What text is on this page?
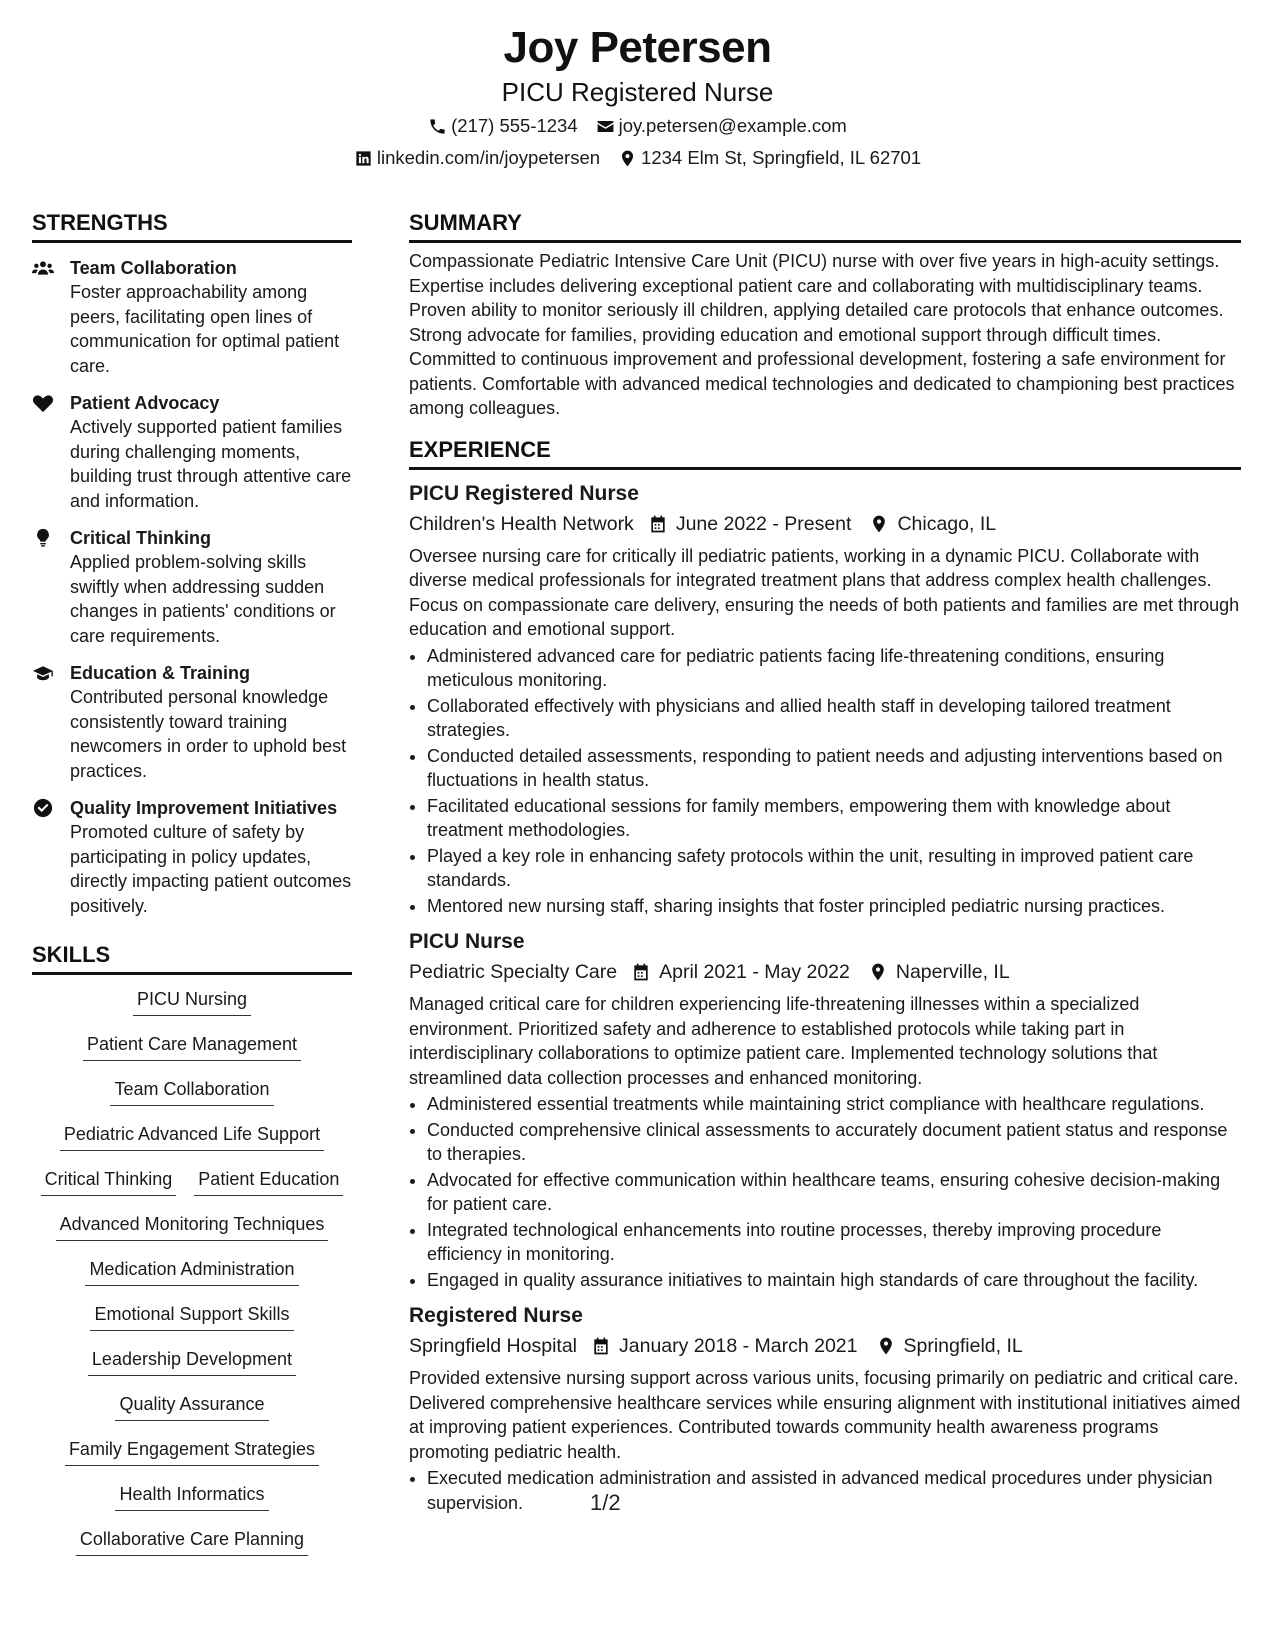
Joy Petersen
PICU Registered Nurse
(217) 555-1234 joy.petersen@example.com
linkedin.com/in/joypetersen 1234 Elm St, Springfield, IL 62701
STRENGTHS
Team Collaboration
Foster approachability among peers, facilitating open lines of communication for optimal patient care.
Patient Advocacy
Actively supported patient families during challenging moments, building trust through attentive care and information.
Critical Thinking
Applied problem-solving skills swiftly when addressing sudden changes in patients' conditions or care requirements.
Education & Training
Contributed personal knowledge consistently toward training newcomers in order to uphold best practices.
Quality Improvement Initiatives
Promoted culture of safety by participating in policy updates, directly impacting patient outcomes positively.
SKILLS
PICU Nursing
Patient Care Management
Team Collaboration
Pediatric Advanced Life Support
Critical Thinking Patient Education
Advanced Monitoring Techniques
Medication Administration
Emotional Support Skills
Leadership Development
Quality Assurance
Family Engagement Strategies
Health Informatics
Collaborative Care Planning
SUMMARY
Compassionate Pediatric Intensive Care Unit (PICU) nurse with over five years in high-acuity settings. Expertise includes delivering exceptional patient care and collaborating with multidisciplinary teams. Proven ability to monitor seriously ill children, applying detailed care protocols that enhance outcomes. Strong advocate for families, providing education and emotional support through difficult times. Committed to continuous improvement and professional development, fostering a safe environment for patients. Comfortable with advanced medical technologies and dedicated to championing best practices among colleagues.
EXPERIENCE
PICU Registered Nurse
Children's Health Network June 2022 - Present Chicago, IL
Oversee nursing care for critically ill pediatric patients, working in a dynamic PICU. Collaborate with diverse medical professionals for integrated treatment plans that address complex health challenges. Focus on compassionate care delivery, ensuring the needs of both patients and families are met through education and emotional support.
• Administered advanced care for pediatric patients facing life-threatening conditions, ensuring meticulous monitoring.
• Collaborated effectively with physicians and allied health staff in developing tailored treatment strategies.
• Conducted detailed assessments, responding to patient needs and adjusting interventions based on fluctuations in health status.
• Facilitated educational sessions for family members, empowering them with knowledge about treatment methodologies.
• Played a key role in enhancing safety protocols within the unit, resulting in improved patient care standards.
• Mentored new nursing staff, sharing insights that foster principled pediatric nursing practices.
PICU Nurse
Pediatric Specialty Care April 2021 - May 2022 Naperville, IL
Managed critical care for children experiencing life-threatening illnesses within a specialized environment. Prioritized safety and adherence to established protocols while taking part in interdisciplinary collaborations to optimize patient care. Implemented technology solutions that streamlined data collection processes and enhanced monitoring.
• Administered essential treatments while maintaining strict compliance with healthcare regulations.
• Conducted comprehensive clinical assessments to accurately document patient status and response to therapies.
• Advocated for effective communication within healthcare teams, ensuring cohesive decision-making for patient care.
• Integrated technological enhancements into routine processes, thereby improving procedure efficiency in monitoring.
• Engaged in quality assurance initiatives to maintain high standards of care throughout the facility.
Registered Nurse
Springfield Hospital January 2018 - March 2021 Springfield, IL
Provided extensive nursing support across various units, focusing primarily on pediatric and critical care. Delivered comprehensive healthcare services while ensuring alignment with institutional initiatives aimed at improving patient experiences. Contributed towards community health awareness programs promoting pediatric health.
• Executed medication administration and assisted in advanced medical procedures under physician supervision.	1/2
